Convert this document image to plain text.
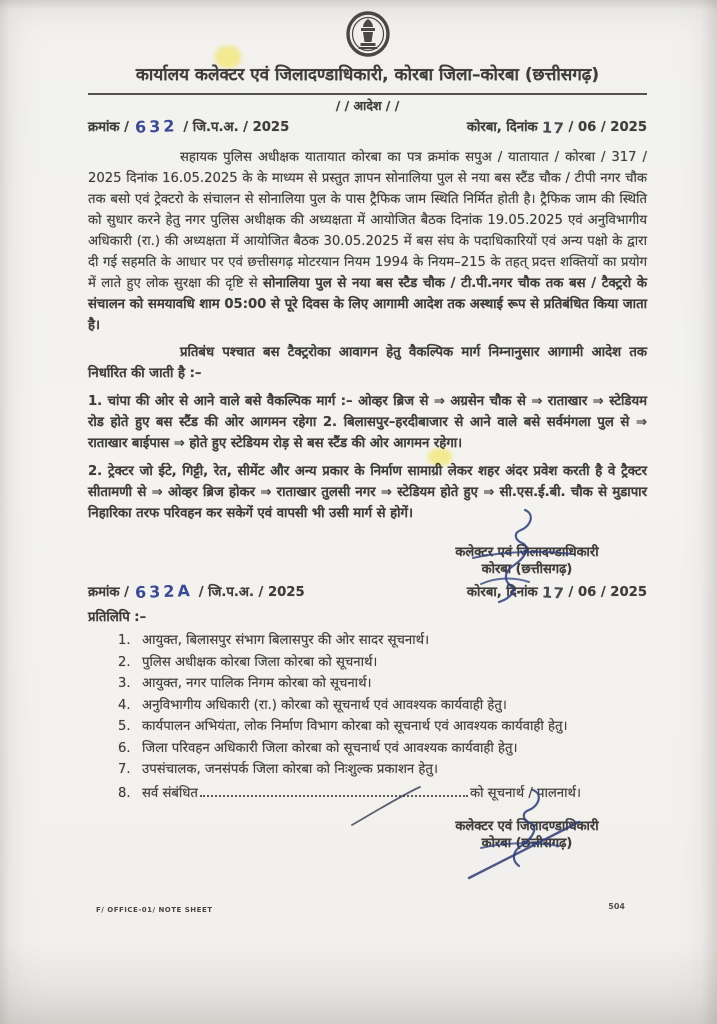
कार्यालय कलेक्टर एवं जिलादण्डाधिकारी, कोरबा जिला–कोरबा (छत्तीसगढ़)
/ / आदेश / /
क्रमांक / 632 / जि.प.अ. / 2025	कोरबा, दिनांक 17 / 06 / 2025

सहायक पुलिस अधीक्षक यातायात कोरबा का पत्र क्रमांक सपुअ / यातायात / कोरबा / 317 / 2025 दिनांक 16.05.2025 के के माध्यम से प्रस्तुत ज्ञापन सोनालिया पुल से नया बस स्टैंड चौक / टीपी नगर चौक तक बसो एवं ट्रेक्टरो के संचालन से सोनालिया पुल के पास ट्रैफिक जाम स्थिति निर्मित होती है। ट्रैफिक जाम की स्थिति को सुधार करने हेतु नगर पुलिस अधीक्षक की अध्यक्षता में आयोजित बैठक दिनांक 19.05.2025 एवं अनुविभागीय अधिकारी (रा.) की अध्यक्षता में आयोजित बैठक 30.05.2025 में बस संघ के पदाधिकारियों एवं अन्य पक्षो के द्वारा दी गई सहमति के आधार पर एवं छत्तीसगढ़ मोटरयान नियम 1994 के नियम–215 के तहत् प्रदत्त शक्तियों का प्रयोग में लाते हुए लोक सुरक्षा की दृष्टि से सोनालिया पुल से नया बस स्टैड चौक / टी.पी.नगर चौक तक बस / टैक्ट्ररो के संचालन को समयावधि शाम 05:00 से पूरे दिवस के लिए आगामी आदेश तक अस्थाई रूप से प्रतिबंधित किया जाता है।

प्रतिबंध पश्चात बस टैक्ट्ररोका आवागन हेतु वैकल्पिक मार्ग निम्नानुसार आगामी आदेश तक निर्धारित की जाती है :–

1. चांपा की ओर से आने वाले बसे वैकल्पिक मार्ग :– ओव्हर ब्रिज से ⇒ अग्रसेन चौक से ⇒ राताखार ⇒ स्टेडियम रोड होते हुए बस स्टैंड की ओर आगमन रहेगा 2. बिलासपुर–हरदीबाजार से आने वाले बसे सर्वमंगला पुल से ⇒ राताखार बाईपास ⇒ होते हुए स्टेडियम रोड़ से बस स्टैंड की ओर आगमन रहेगा।

2. ट्रेक्टर जो ईटे, गिट्टी, रेत, सीमेंट और अन्य प्रकार के निर्माण सामाग्री लेकर शहर अंदर प्रवेश करती है वे ट्रैक्टर सीतामणी से ⇒ ओव्हर ब्रिज होकर ⇒ राताखार तुलसी नगर ⇒ स्टेडियम होते हुए ⇒ सी.एस.ई.बी. चौक से मुडापार निहारिका तरफ परिवहन कर सकेगें एवं वापसी भी उसी मार्ग से होगें।

कलेक्टर एवं जिलादण्डाधिकारी
कोरबा (छत्तीसगढ़)
क्रमांक / 632A / जि.प.अ. / 2025	कोरबा, दिनांक 17 / 06 / 2025
प्रतिलिपि :–
1. आयुक्त, बिलासपुर संभाग बिलासपुर की ओर सादर सूचनार्थ।
2. पुलिस अधीक्षक कोरबा जिला कोरबा को सूचनार्थ।
3. आयुक्त, नगर पालिक निगम कोरबा को सूचनार्थ।
4. अनुविभागीय अधिकारी (रा.) कोरबा को सूचनार्थ एवं आवश्यक कार्यवाही हेतु।
5. कार्यपालन अभियंता, लोक निर्माण विभाग कोरबा को सूचनार्थ एवं आवश्यक कार्यवाही हेतु।
6. जिला परिवहन अधिकारी जिला कोरबा को सूचनार्थ एवं आवश्यक कार्यवाही हेतु।
7. उपसंचालक, जनसंपर्क जिला कोरबा को निःशुल्क प्रकाशन हेतु।
8. सर्व संबंधित	को सूचनार्थ / पालनार्थ।
कलेक्टर एवं जिलादण्डाधिकारी
कोरबा (छत्तीसगढ़)
F/ OFFICE-01/ NOTE SHEET	504
